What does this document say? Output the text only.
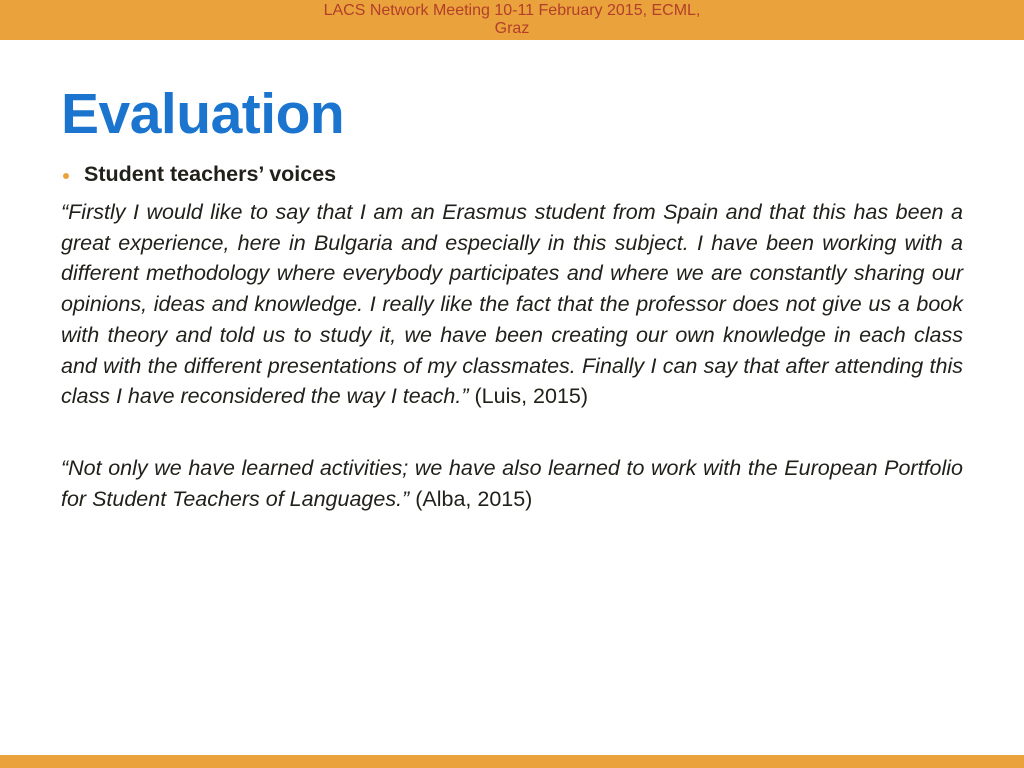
LACS Network Meeting 10-11 February 2015, ECML,
Graz
Evaluation
Student teachers’ voices

“Firstly I would like to say that I am an Erasmus student from Spain and that this has been a great experience, here in Bulgaria and especially in this subject. I have been working with a different methodology where everybody participates and where we are constantly sharing our opinions, ideas and knowledge. I really like the fact that the professor does not give us a book with theory and told us to study it, we have been creating our own knowledge in each class and with the different presentations of my classmates. Finally I can say that after attending this class I have reconsidered the way I teach.” (Luis, 2015)

“Not only we have learned activities; we have also learned to work with the European Portfolio for Student Teachers of Languages.” (Alba, 2015)
